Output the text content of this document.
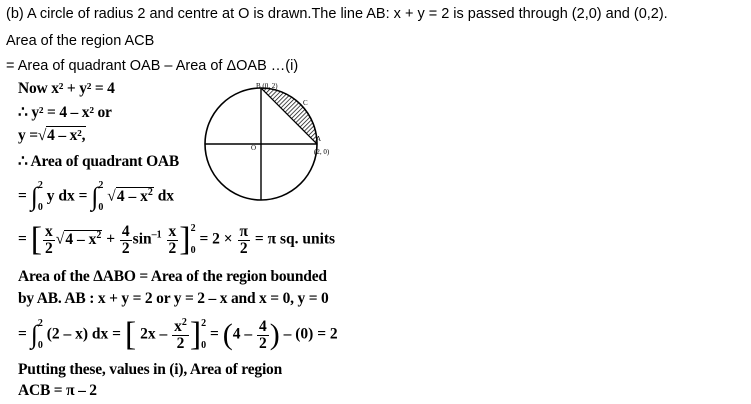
(b) A circle of radius 2 and centre at O is drawn.The line AB: x + y = 2 is passed through (2,0) and (0,2).
Area of the region ACB
= Area of quadrant OAB – Area of ΔOAB …(i)
Now x² + y² = 4
∴ y² = 4 – x² or
y =√4 – x²,
∴ Area of quadrant OAB
= ∫2
0 y dx = ∫2
0 $√4 - x^2$ dx
= [ $\frac{x}{2} √4 - x^2 + \frac{4}{2} \sin^{-1} \frac{x}{2} ]2$
$0 = 2 \times \frac{\pi}{2} = \pi$ sq. units
Area of the ΔABO = Area of the region bounded
by AB. AB : x + y = 2 or y = 2 – x and x = 0, y = 0
= ∫2
0 (2 – x) dx = [ $2x - \frac{x^2}{2} ]2$
$0 = (4 - \frac{4}{2}$ ) – (0) = 2
Putting these, values in (i), Area of region
ACB = π – 2
B (0, 2)
C
A
(2, 0)
O
